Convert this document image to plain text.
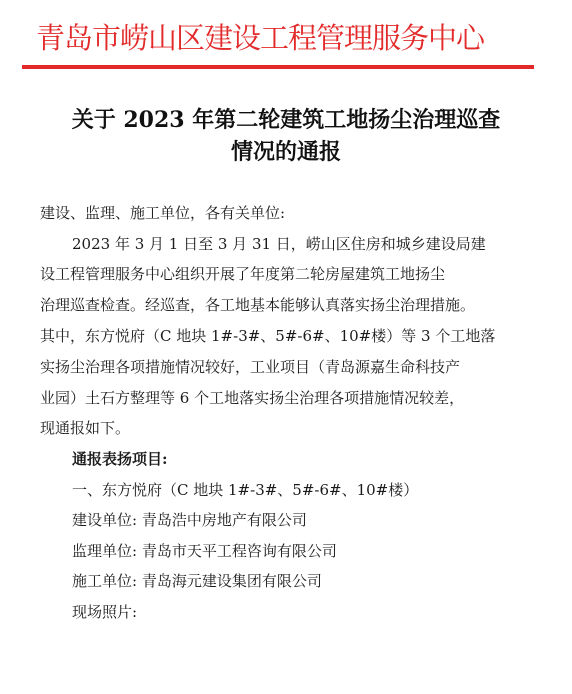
青岛市崂山区建设工程管理服务中心
关于 2023 年第二轮建筑工地扬尘治理巡查
情况的通报
建设、监理、施工单位，各有关单位:
2023 年 3 月 1 日至 3 月 31 日，崂山区住房和城乡建设局建
设工程管理服务中心组织开展了年度第二轮房屋建筑工地扬尘
治理巡查检查。经巡查，各工地基本能够认真落实扬尘治理措施。
其中，东方悦府（C 地块 1#-3#、5#-6#、10#楼）等 3 个工地落
实扬尘治理各项措施情况较好，工业项目（青岛源嘉生命科技产
业园）土石方整理等 6 个工地落实扬尘治理各项措施情况较差，
现通报如下。
通报表扬项目:
一、东方悦府（C 地块 1#-3#、5#-6#、10#楼）
建设单位: 青岛浩中房地产有限公司
监理单位: 青岛市天平工程咨询有限公司
施工单位: 青岛海元建设集团有限公司
现场照片:
